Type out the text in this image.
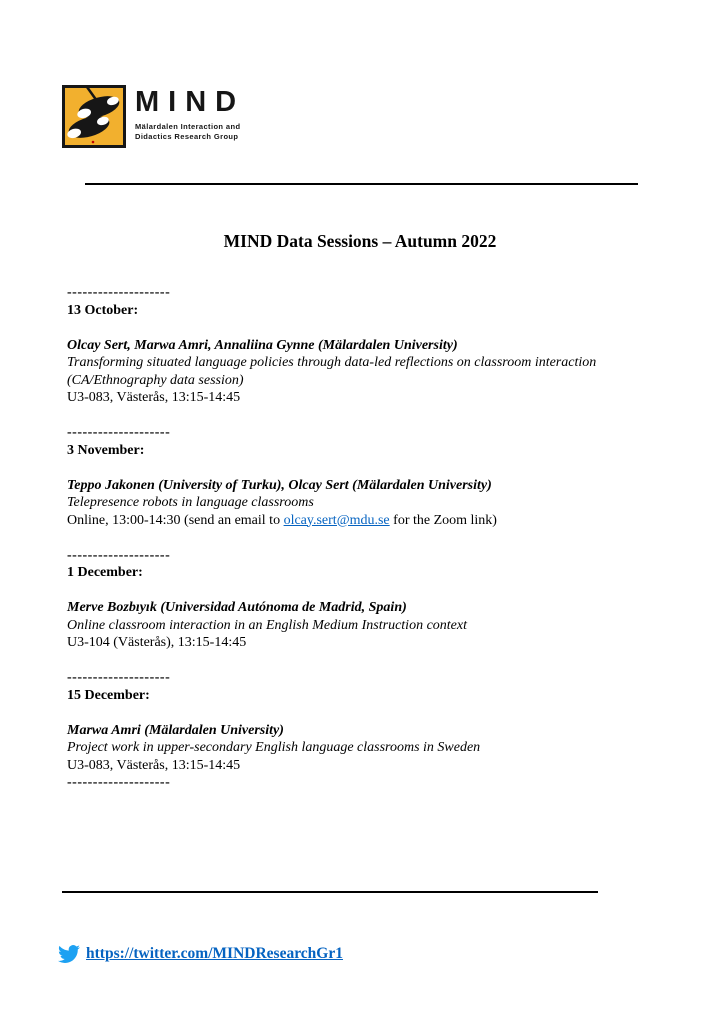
MIND
Mälardalen Interaction and
Didactics Research Group
MIND Data Sessions – Autumn 2022
--------------------
13 October:
Olcay Sert, Marwa Amri, Annaliina Gynne (Mälardalen University)
Transforming situated language policies through data-led reflections on classroom interaction
(CA/Ethnography data session)
U3-083, Västerås, 13:15-14:45
--------------------
3 November:
Teppo Jakonen (University of Turku), Olcay Sert (Mälardalen University)
Telepresence robots in language classrooms
Online, 13:00-14:30 (send an email to olcay.sert@mdu.se for the Zoom link)
--------------------
1 December:
Merve Bozbıyık (Universidad Autónoma de Madrid, Spain)
Online classroom interaction in an English Medium Instruction context
U3-104 (Västerås), 13:15-14:45
--------------------
15 December:
Marwa Amri (Mälardalen University)
Project work in upper-secondary English language classrooms in Sweden
U3-083, Västerås, 13:15-14:45
--------------------
https://twitter.com/MINDResearchGr1
